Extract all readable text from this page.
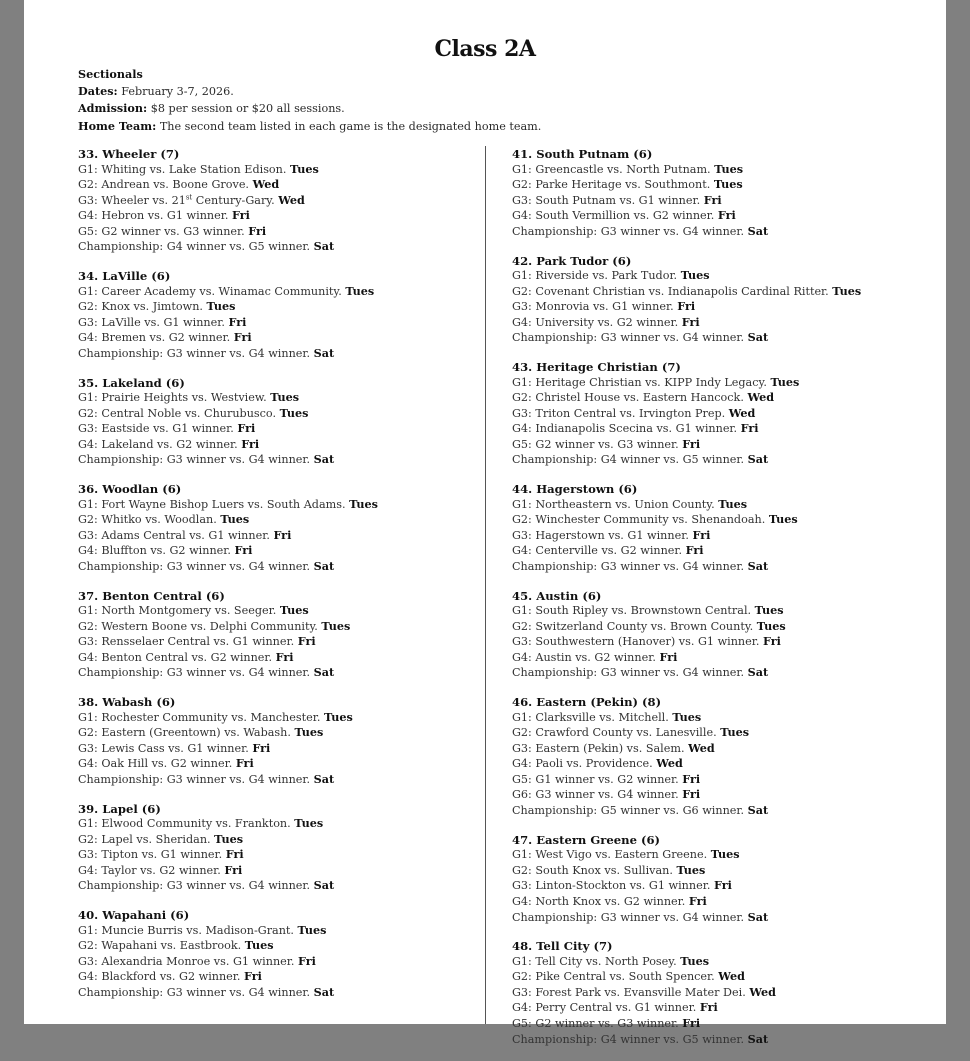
Class 2A
Sectionals
Dates: February 3-7, 2026.
Admission: $8 per session or $20 all sessions.
Home Team: The second team listed in each game is the designated home team.
33. Wheeler (7)
G1: Whiting vs. Lake Station Edison. Tues
G2: Andrean vs. Boone Grove. Wed
G3: Wheeler vs. 21st Century-Gary. Wed
G4: Hebron vs. G1 winner. Fri
G5: G2 winner vs. G3 winner. Fri
Championship: G4 winner vs. G5 winner. Sat
34. LaVille (6)
G1: Career Academy vs. Winamac Community. Tues
G2: Knox vs. Jimtown. Tues
G3: LaVille vs. G1 winner. Fri
G4: Bremen vs. G2 winner. Fri
Championship: G3 winner vs. G4 winner. Sat
35. Lakeland (6)
G1: Prairie Heights vs. Westview. Tues
G2: Central Noble vs. Churubusco. Tues
G3: Eastside vs. G1 winner. Fri
G4: Lakeland vs. G2 winner. Fri
Championship: G3 winner vs. G4 winner. Sat
36. Woodlan (6)
G1: Fort Wayne Bishop Luers vs. South Adams. Tues
G2: Whitko vs. Woodlan. Tues
G3: Adams Central vs. G1 winner. Fri
G4: Bluffton vs. G2 winner. Fri
Championship: G3 winner vs. G4 winner. Sat
37. Benton Central (6)
G1: North Montgomery vs. Seeger. Tues
G2: Western Boone vs. Delphi Community. Tues
G3: Rensselaer Central vs. G1 winner. Fri
G4: Benton Central vs. G2 winner. Fri
Championship: G3 winner vs. G4 winner. Sat
38. Wabash (6)
G1: Rochester Community vs. Manchester. Tues
G2: Eastern (Greentown) vs. Wabash. Tues
G3: Lewis Cass vs. G1 winner. Fri
G4: Oak Hill vs. G2 winner. Fri
Championship: G3 winner vs. G4 winner. Sat
39. Lapel (6)
G1: Elwood Community vs. Frankton. Tues
G2: Lapel vs. Sheridan. Tues
G3: Tipton vs. G1 winner. Fri
G4: Taylor vs. G2 winner. Fri
Championship: G3 winner vs. G4 winner. Sat
40. Wapahani (6)
G1: Muncie Burris vs. Madison-Grant. Tues
G2: Wapahani vs. Eastbrook. Tues
G3: Alexandria Monroe vs. G1 winner. Fri
G4: Blackford vs. G2 winner. Fri
Championship: G3 winner vs. G4 winner. Sat
41. South Putnam (6)
G1: Greencastle vs. North Putnam. Tues
G2: Parke Heritage vs. Southmont. Tues
G3: South Putnam vs. G1 winner. Fri
G4: South Vermillion vs. G2 winner. Fri
Championship: G3 winner vs. G4 winner. Sat
42. Park Tudor (6)
G1: Riverside vs. Park Tudor. Tues
G2: Covenant Christian vs. Indianapolis Cardinal Ritter. Tues
G3: Monrovia vs. G1 winner. Fri
G4: University vs. G2 winner. Fri
Championship: G3 winner vs. G4 winner. Sat
43. Heritage Christian (7)
G1: Heritage Christian vs. KIPP Indy Legacy. Tues
G2: Christel House vs. Eastern Hancock. Wed
G3: Triton Central vs. Irvington Prep. Wed
G4: Indianapolis Scecina vs. G1 winner. Fri
G5: G2 winner vs. G3 winner. Fri
Championship: G4 winner vs. G5 winner. Sat
44. Hagerstown (6)
G1: Northeastern vs. Union County. Tues
G2: Winchester Community vs. Shenandoah. Tues
G3: Hagerstown vs. G1 winner. Fri
G4: Centerville vs. G2 winner. Fri
Championship: G3 winner vs. G4 winner. Sat
45. Austin (6)
G1: South Ripley vs. Brownstown Central. Tues
G2: Switzerland County vs. Brown County. Tues
G3: Southwestern (Hanover) vs. G1 winner. Fri
G4: Austin vs. G2 winner. Fri
Championship: G3 winner vs. G4 winner. Sat
46. Eastern (Pekin) (8)
G1: Clarksville vs. Mitchell. Tues
G2: Crawford County vs. Lanesville. Tues
G3: Eastern (Pekin) vs. Salem. Wed
G4: Paoli vs. Providence. Wed
G5: G1 winner vs. G2 winner. Fri
G6: G3 winner vs. G4 winner. Fri
Championship: G5 winner vs. G6 winner. Sat
47. Eastern Greene (6)
G1: West Vigo vs. Eastern Greene. Tues
G2: South Knox vs. Sullivan. Tues
G3: Linton-Stockton vs. G1 winner. Fri
G4: North Knox vs. G2 winner. Fri
Championship: G3 winner vs. G4 winner. Sat
48. Tell City (7)
G1: Tell City vs. North Posey. Tues
G2: Pike Central vs. South Spencer. Wed
G3: Forest Park vs. Evansville Mater Dei. Wed
G4: Perry Central vs. G1 winner. Fri
G5: G2 winner vs. G3 winner. Fri
Championship: G4 winner vs. G5 winner. Sat
